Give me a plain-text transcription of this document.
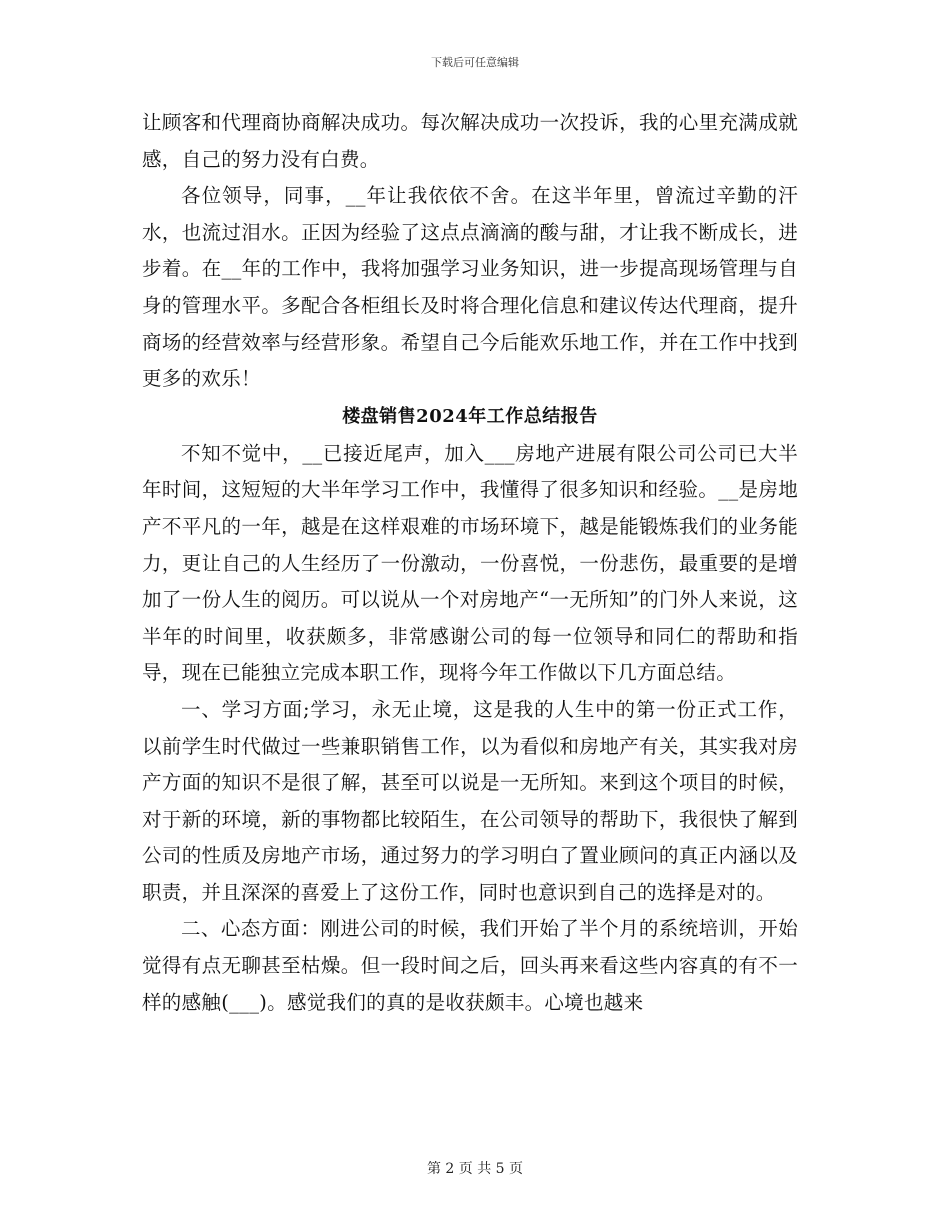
下载后可任意编辑

让顾客和代理商协商解决成功。每次解决成功一次投诉，我的心里充满成就感，自己的努力没有白费。

各位领导，同事，__年让我依依不舍。在这半年里，曾流过辛勤的汗水，也流过泪水。正因为经验了这点点滴滴的酸与甜，才让我不断成长，进步着。在__年的工作中，我将加强学习业务知识，进一步提高现场管理与自身的管理水平。多配合各柜组长及时将合理化信息和建议传达代理商，提升商场的经营效率与经营形象。希望自己今后能欢乐地工作，并在工作中找到更多的欢乐！

楼盘销售2024年工作总结报告

不知不觉中，__已接近尾声，加入___房地产进展有限公司公司已大半年时间，这短短的大半年学习工作中，我懂得了很多知识和经验。__是房地产不平凡的一年，越是在这样艰难的市场环境下，越是能锻炼我们的业务能力，更让自己的人生经历了一份激动，一份喜悦，一份悲伤，最重要的是增加了一份人生的阅历。可以说从一个对房地产“一无所知”的门外人来说，这半年的时间里，收获颇多，非常感谢公司的每一位领导和同仁的帮助和指导，现在已能独立完成本职工作，现将今年工作做以下几方面总结。

一、学习方面;学习，永无止境，这是我的人生中的第一份正式工作，以前学生时代做过一些兼职销售工作，以为看似和房地产有关，其实我对房产方面的知识不是很了解，甚至可以说是一无所知。来到这个项目的时候，对于新的环境，新的事物都比较陌生，在公司领导的帮助下，我很快了解到公司的性质及房地产市场，通过努力的学习明白了置业顾问的真正内涵以及职责，并且深深的喜爱上了这份工作，同时也意识到自己的选择是对的。

二、心态方面：刚进公司的时候，我们开始了半个月的系统培训，开始觉得有点无聊甚至枯燥。但一段时间之后，回头再来看这些内容真的有不一样的感触(___)。感觉我们的真的是收获颇丰。心境也越来

第 2 页 共 5 页
